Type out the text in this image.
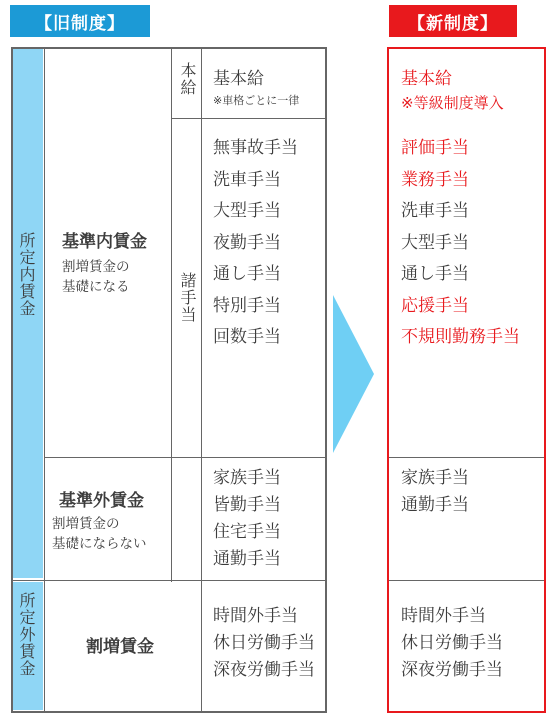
【旧制度】	【新制度】
所定内賃金
所定外賃金
基準内賃金
割増賃金の
基礎になる
基準外賃金
割増賃金の
基礎にならない
割増賃金
本給
諸手当
基本給
※車格ごとに一律
無事故手当
洗車手当
大型手当
夜勤手当
通し手当
特別手当
回数手当
家族手当
皆勤手当
住宅手当
通勤手当
時間外手当
休日労働手当
深夜労働手当
基本給
※等級制度導入
評価手当
業務手当
洗車手当
大型手当
通し手当
応援手当
不規則勤務手当
家族手当
通勤手当
時間外手当
休日労働手当
深夜労働手当
